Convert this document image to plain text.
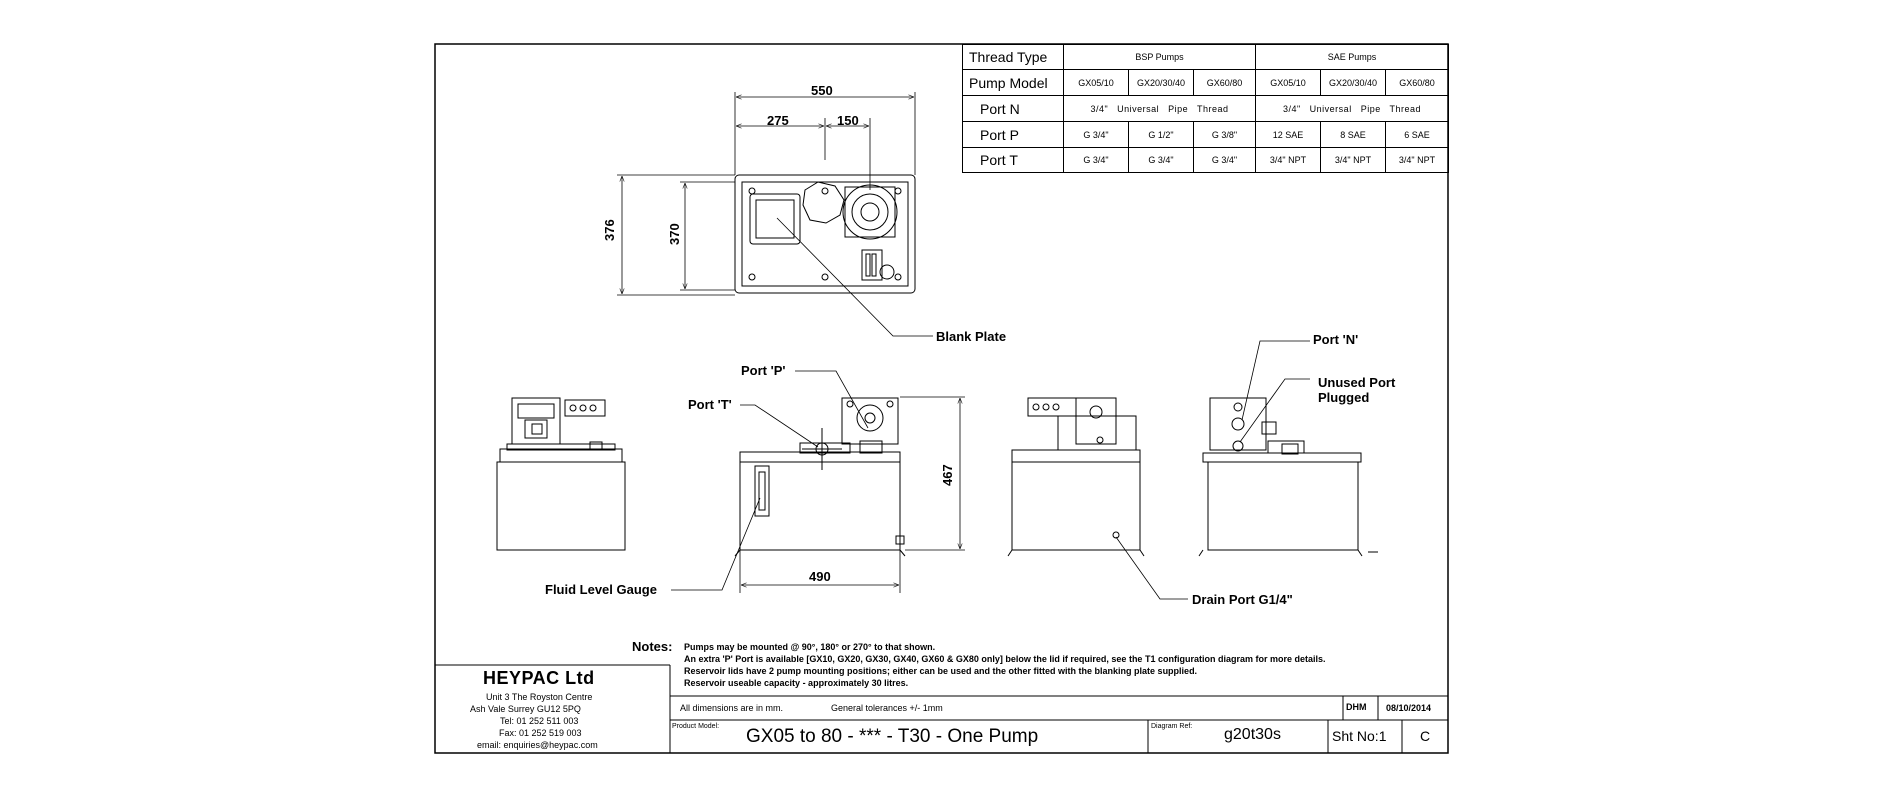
Thread Type	BSP Pumps			SAE Pumps		
Pump Model	GX05/10	GX20/30/40	GX60/80	GX05/10	GX20/30/40	GX60/80
Port N	3/4" Universal Pipe Thread			3/4" Universal Pipe Thread		
Port P	G 3/4"	G 1/2"	G 3/8"	12 SAE	8 SAE	6 SAE
Port T	G 3/4"	G 3/4"	G 3/4"	3/4" NPT	3/4" NPT	3/4" NPT
550
275	150
376	370
467
490
Blank Plate
Port 'P'
Port 'T'
Port 'N'
Unused Port
Plugged
Fluid Level Gauge
Drain Port G1/4"
Notes: Pumps may be mounted @ 90°, 180° or 270° to that shown.
An extra 'P' Port is available [GX10, GX20, GX30, GX40, GX60 & GX80 only] below the lid if required, see the T1 configuration diagram for more details.
Reservoir lids have 2 pump mounting positions; either can be used and the other fitted with the blanking plate supplied.
Reservoir useable capacity - approximately 30 litres.
HEYPAC Ltd
Unit 3 The Royston Centre
Ash Vale Surrey GU12 5PQ
Tel: 01 252 511 003
Fax: 01 252 519 003
email: enquiries@heypac.com
All dimensions are in mm.	General tolerances +/- 1mm	DHM 08/10/2014
Product Model: GX05 to 80 - *** - T30 - One Pump	Diagram Ref: g20t30s	Sht No:1 C
